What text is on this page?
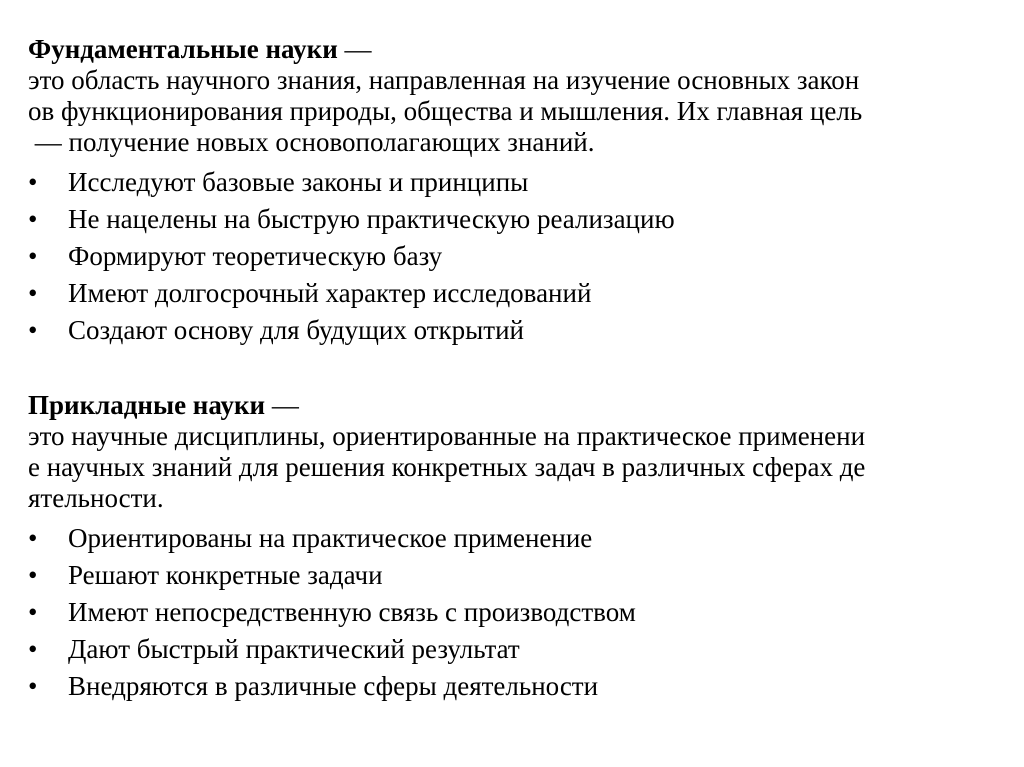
Фундаментальные науки —

это область научного знания, направленная на изучение основных закон

ов функционирования природы, общества и мышления. Их главная цель

— получение новых основополагающих знаний.

•	Исследуют базовые законы и принципы
•	Не нацелены на быструю практическую реализацию
•	Формируют теоретическую базу
•	Имеют долгосрочный характер исследований
•	Создают основу для будущих открытий

Прикладные науки —

это научные дисциплины, ориентированные на практическое применени

е научных знаний для решения конкретных задач в различных сферах де

ятельности.

•	Ориентированы на практическое применение
•	Решают конкретные задачи
•	Имеют непосредственную связь с производством
•	Дают быстрый практический результат
•	Внедряются в различные сферы деятельности
